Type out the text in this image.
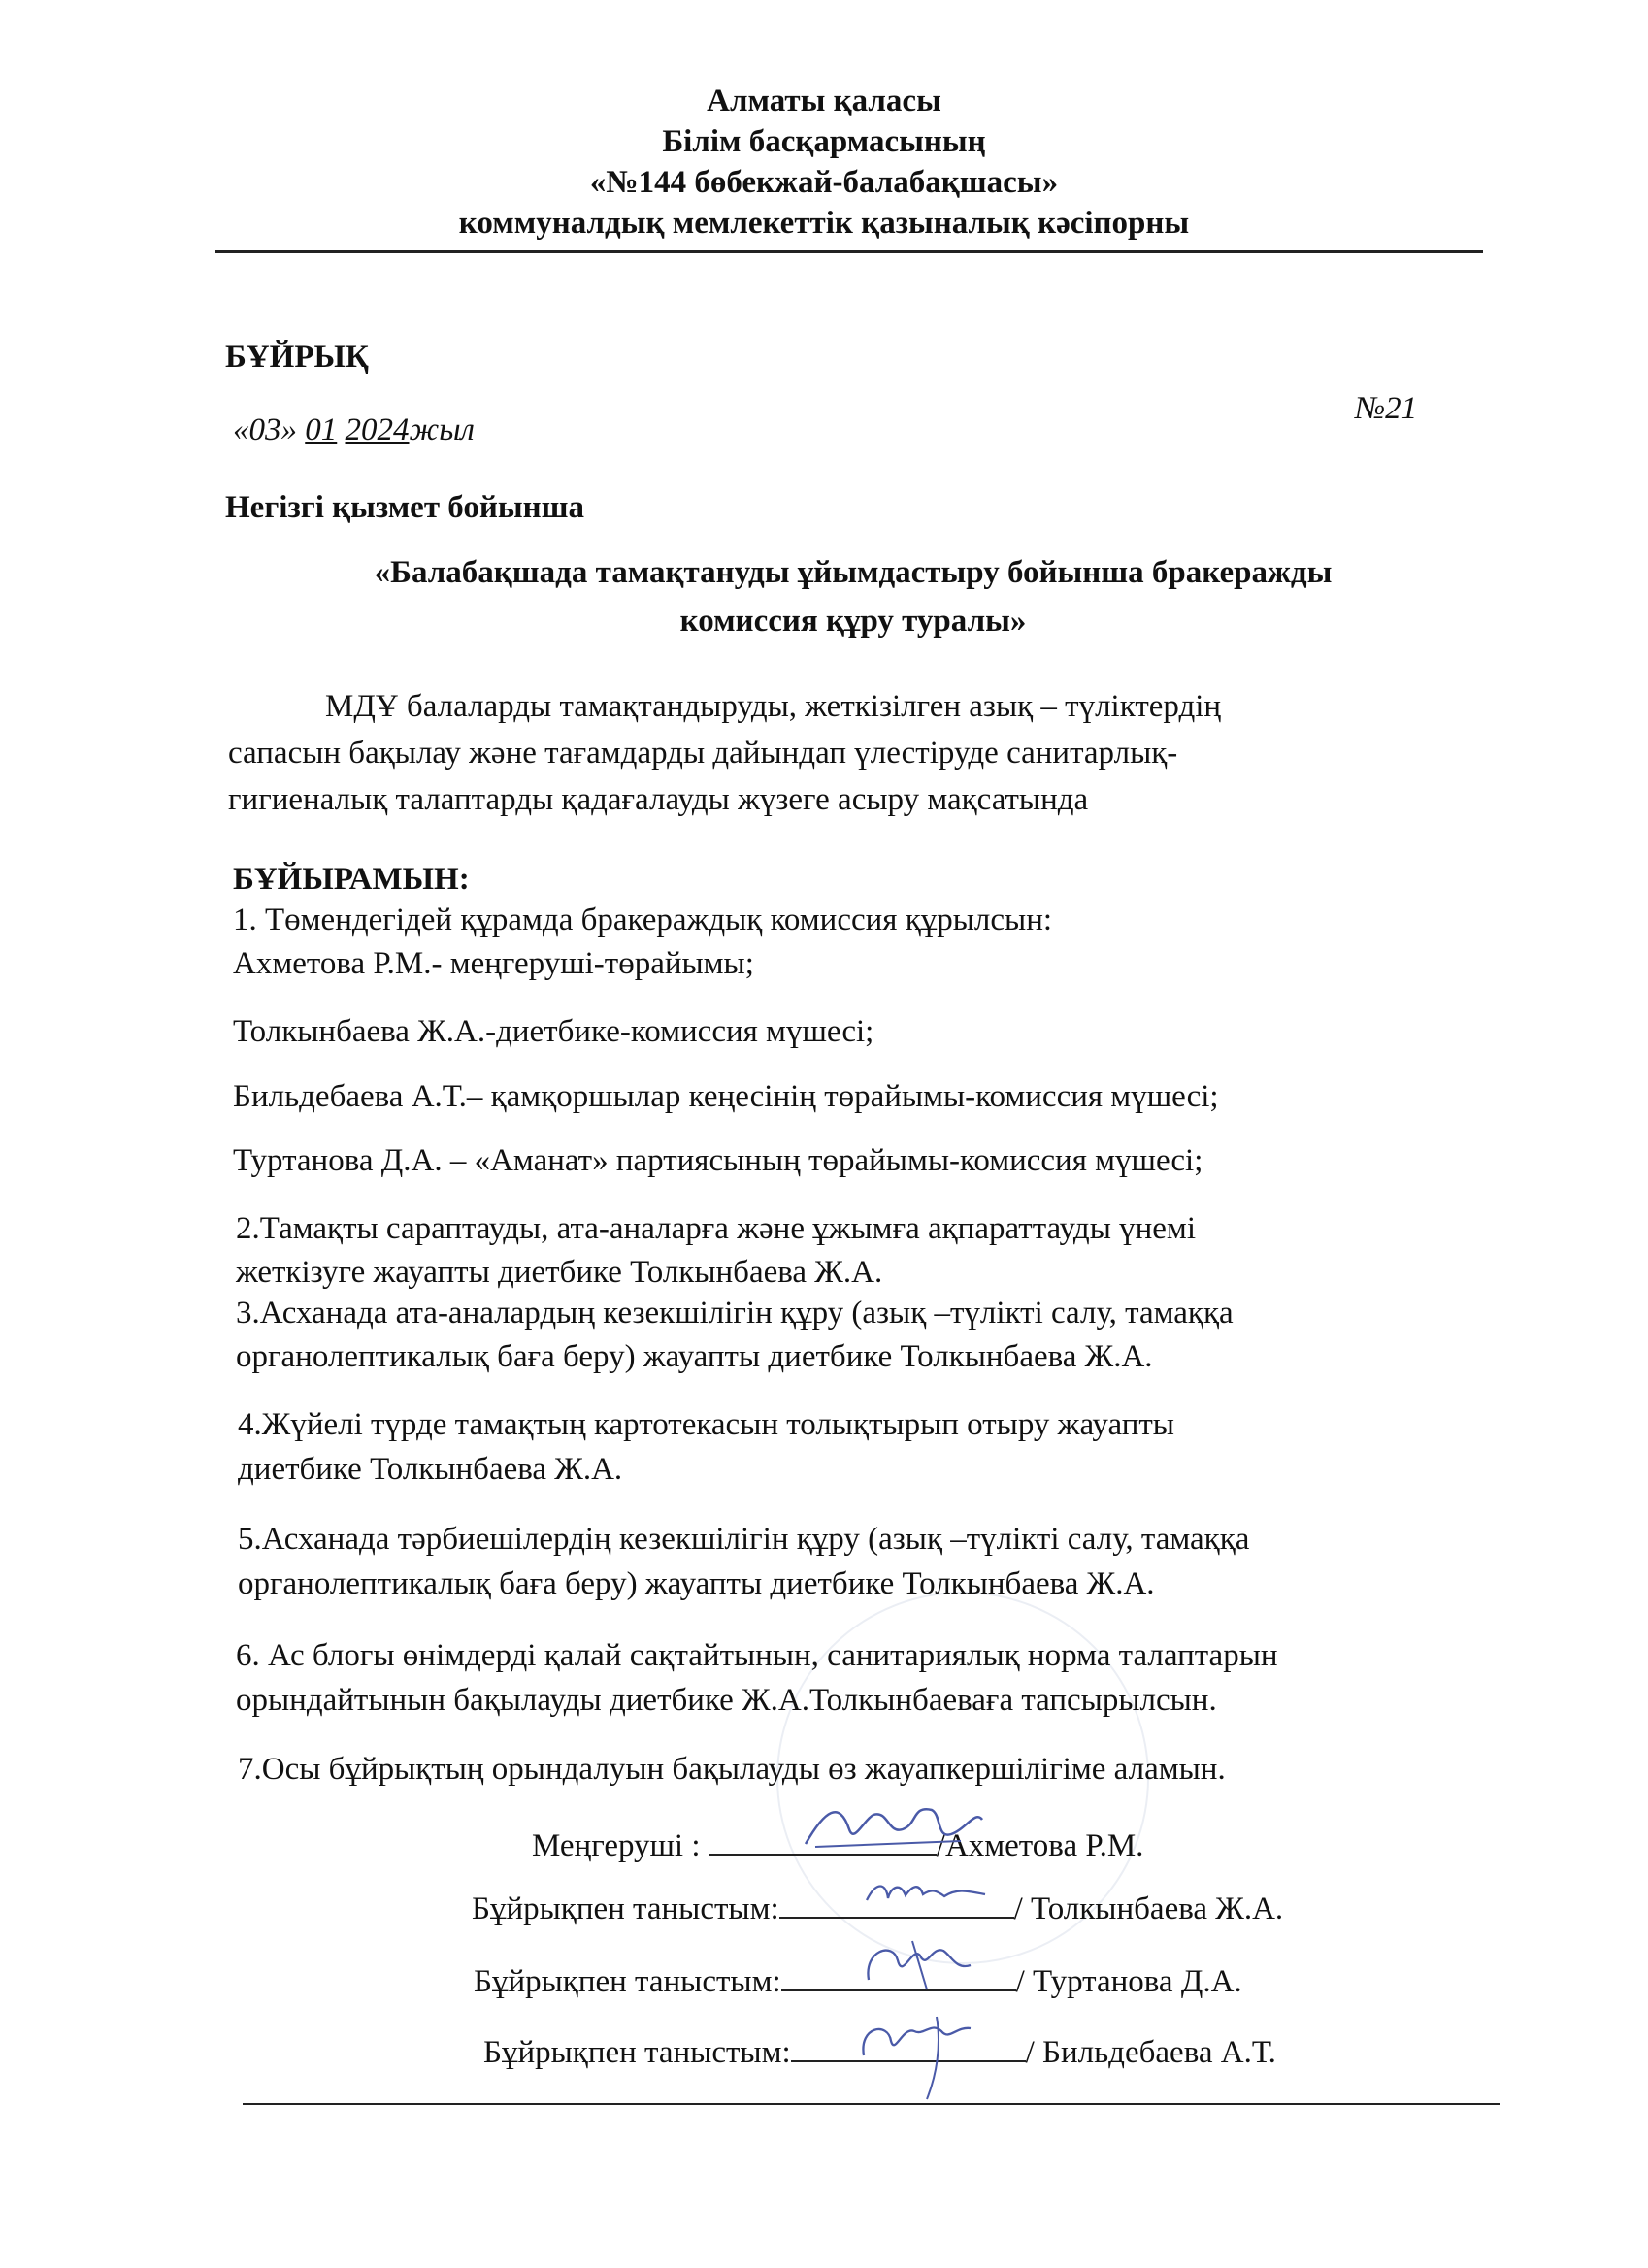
Алматы қаласы
Білім басқармасының
«№144 бөбекжай-балабақшасы»
коммуналдық мемлекеттік қазыналық кәсіпорны
БҰЙРЫҚ
«03» 01 2024жыл
№21
Негізгі қызмет бойынша
«Балабақшада тамақтануды ұйымдастыру бойынша бракеражды
комиссия құру туралы»
МДҰ балаларды тамақтандыруды, жеткізілген азық – түліктердің
сапасын бақылау және тағамдарды дайындап үлестіруде санитарлық-
гигиеналық талаптарды қадағалауды жүзеге асыру мақсатында
БҰЙЫРАМЫН:
1. Төмендегідей құрамда бракераждық комиссия құрылсын:
Ахметова Р.М.- меңгеруші-төрайымы;
Толкынбаева Ж.А.-диетбике-комиссия мүшесі;
Бильдебаева А.Т.– қамқоршылар кеңесінің төрайымы-комиссия мүшесі;
Туртанова Д.А. – «Аманат» партиясының төрайымы-комиссия мүшесі;
2.Тамақты сараптауды, ата-аналарға және ұжымға ақпараттауды үнемі
жеткізуге жауапты диетбике Толкынбаева Ж.А.
3.Асханада ата-аналардың кезекшілігін құру (азық –түлікті салу, тамаққа
органолептикалық баға беру) жауапты диетбике Толкынбаева Ж.А.
4.Жүйелі түрде тамақтың картотекасын толықтырып отыру жауапты
диетбике Толкынбаева Ж.А.
5.Асханада тәрбиешілердің кезекшілігін құру (азық –түлікті салу, тамаққа
органолептикалық баға беру) жауапты диетбике Толкынбаева Ж.А.
6. Ас блогы өнімдерді қалай сақтайтынын, санитариялық норма талаптарын
орындайтынын бақылауды диетбике Ж.А.Толкынбаеваға тапсырылсын.
7.Осы бұйрықтың орындалуын бақылауды өз жауапкершілігіме аламын.
Меңгеруші :	/Ахметова Р.М.
Бұйрықпен таныстым:	/ Толкынбаева Ж.А.
Бұйрықпен таныстым:	/ Туртанова Д.А.
Бұйрықпен таныстым:	/ Бильдебаева А.Т.
